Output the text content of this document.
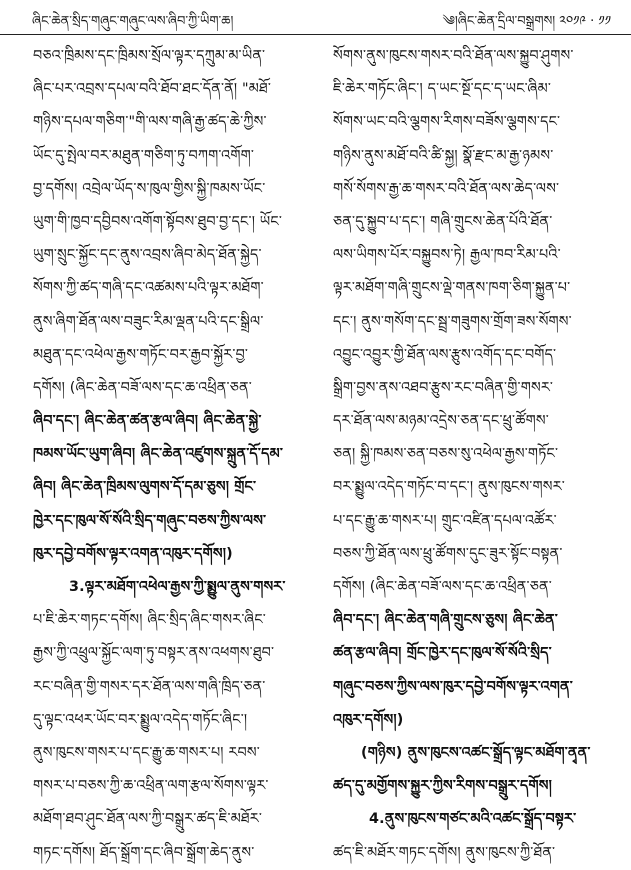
ཞིང་ཆེན་སྲིད་གཞུང་གཞུང་ལས་ཞིབ་ཀྱི་ཡིག་ཆ།	༄།ཞིང་ཆེན་དྲིལ་བསྒྲགས། ༢༠༡༩ · ༡༡
བཅའ་ཁྲིམས་དང་ཁྲིམས་སྲོལ་ལྟར་དཀྲུམ་མ་ཡིན་
ཞིང་པར་འབྲས་དཔལ་བའི་ཐོབ་ཐང་དོན་ནོ། "མཐོ་
གཉིས་དཔལ་གཅིག་"གི་ལས་གཞི་རྒྱ་ཚད་ཆེ་ཀྱིས་
ཡོང་དུ་སྤེལ་བར་མཐུན་གཅིག་ཏུ་བཀག་འགོག་
བྱ་དགོས། འབྲེལ་ཡོད་ས་ཁུལ་གྱིས་སྐྱི་ཁམས་ཡོང་
ཡུག་གི་ཁྱབ་དབྱིབས་འགོག་སྟོབས་ཐུབ་བྱ་དང་། ཡོང་
ཡུག་སྲུང་སྐྱོང་དང་ནུས་འབྲས་ཞིབ་མེད་ཐོན་སྐྱེད་
སོགས་ཀྱི་ཚད་གཞི་དང་འཚམས་པའི་ལྟར་མཐོག་
ནུས་ཞིག་ཐོན་ལས་བཟུང་རིམ་ལྡན་པའི་དང་སྒྲིལ་
མཐུན་དང་འཕེལ་རྒྱས་གཏོང་བར་རྒྱབ་སྐྱོར་བྱ་
དགོས། (ཞིང་ཆེན་བཟོ་ལས་དང་ཆ་འཕྲིན་ཅན་
ཞིབ་དང་། ཞིང་ཆེན་ཚན་རྩལ་ཞིབ། ཞིང་ཆེན་སྐྱེ་
ཁམས་ཡོང་ཡུག་ཞིབ། ཞིང་ཆེན་འཛུགས་སྐྲུན་དོ་དམ་
ཞིབ། ཞིང་ཆེན་ཁྲིམས་ལུགས་དོ་དམ་ཅུས། གྲོང་
ཁྱེར་དང་ཁུལ་སོ་སོའི་སྲིད་གཞུང་བཅས་ཀྱིས་ལས་
ཁུར་དབྱེ་བགོས་ལྟར་འགན་འཁུར་དགོས།)
3.ལྟར་མཐོག་འཕེལ་རྒྱས་ཀྱི་སྨྱུལ་ནུས་གསར་
པ་ཇི་ཆེར་གཏང་དགོས། ཞིང་སྲིད་ཞིང་གསར་ཞིང་
རྒྱས་ཀྱི་འཕྲུལ་སྐྱོང་ལག་ཏུ་བསྟར་ནས་འཕགས་ཐུབ་
རང་བཞིན་གྱི་གསར་དར་ཐོན་ལས་གཞི་ཁྲིད་ཅན་
དུ་ལྟང་འཕར་ཡོང་བར་སྨྱུལ་འདེད་གཏོང་ཞིང་།
ནུས་ཁུངས་གསར་པ་དང་རྒྱུ་ཆ་གསར་པ། རབས་
གསར་པ་བཅས་ཀྱི་ཆ་འཕྲིན་ལག་རྩལ་སོགས་ལྟར་
མཐོག་ཐབ་ཤུང་ཐོན་ལས་ཀྱི་བསྒྲུར་ཚད་ཇི་མཐོར་
གཏང་དགོས། ཐོད་སྒྲོག་དང་ཞིབ་སྒྲོག་ཆེད་ནུས་
སོགས་ནུས་ཁུངས་གསར་བའི་ཐོན་ལས་སྐྱུབ་ཤུགས་
ཇི་ཆེར་གཏོང་ཞིང་། ད་ཡང་སྔོ་དང་ད་ཡང་ཞིམ་
སོགས་ཡང་བའི་ལྕགས་རིགས་བཟོས་ལྕགས་དང་
གཉིས་ནུས་མཐོ་བའི་ཚི་སྐྱ། སྣོ་རྫང་མ་རྒྱ་ཉམས་
གསོ་སོགས་རྒྱ་ཆ་གསར་བའི་ཐོན་ལས་ཆེད་ལས་
ཅན་དུ་སྐྱུབ་པ་དང་། གཞི་གྲུངས་ཆེན་པོའི་ཐོན་
ལས་ཡིགས་པོར་བསྐྱུབས་ཏེ། རྒྱལ་ཁབ་རིམ་པའི་
ལྟར་མཐོག་གཞི་གྲུངས་ལྡེ་གནས་ཁག་ཅིག་སྐྱུན་པ་
དང་། ནུས་གསོག་དང་སྦྲ་གཟུགས་གྲོག་ཟས་སོགས་
འབྱུང་འབྱུར་གྱི་ཐོན་ལས་རྩུས་འགོད་དང་བགོད་
སྒྲིག་བྱས་ནས་འཐབ་རྩུས་རང་བཞིན་གྱི་གསར་
དར་ཐོན་ལས་མཉམ་འདྲེས་ཅན་དང་ཕྲུ་ཚོགས་
ཅན། སྐྱི་ཁམས་ཅན་བཅས་སུ་འཕེལ་རྒྱས་གཏོང་
བར་སྨྱུལ་འདེད་གཏོང་བ་དང་། ནུས་ཁུངས་གསར་
པ་དང་རྒྱུ་ཆ་གསར་པ། གྲུང་འཛིན་དཔལ་འཚོར་
བཅས་ཀྱི་ཐོན་ལས་ཕྲུ་ཚོགས་དུང་ཟུར་སྟོང་བསྟན་
དགོས། (ཞིང་ཆེན་བཟོ་ལས་དང་ཆ་འཕྲིན་ཅན་
ཞིབ་དང་། ཞིང་ཆེན་གཞི་གྲུངས་ཅུས། ཞིང་ཆེན་
ཚན་རྩལ་ཞིབ། གྲོང་ཁྱེར་དང་ཁུལ་སོ་སོའི་སྲིད་
གཞུང་བཅས་ཀྱིས་ལས་ཁུར་དབྱེ་བགོས་ལྟར་འགན་
འཁུར་དགོས།)
(གཉིས) ནུས་ཁུངས་འཚང་སྒྲོད་ལྟང་མཐོག་ནྭན་
ཚད་དུ་མགྱོགས་སྐྱུར་ཀྱིས་རིགས་བསྒྲུར་དགོས།
4.ནུས་ཁུངས་གཙང་མའི་འཚང་སྒྲོད་བསྟར་
ཚད་ཇི་མཐོར་གཏང་དགོས། ནུས་ཁུངས་ཀྱི་ཐོན་
